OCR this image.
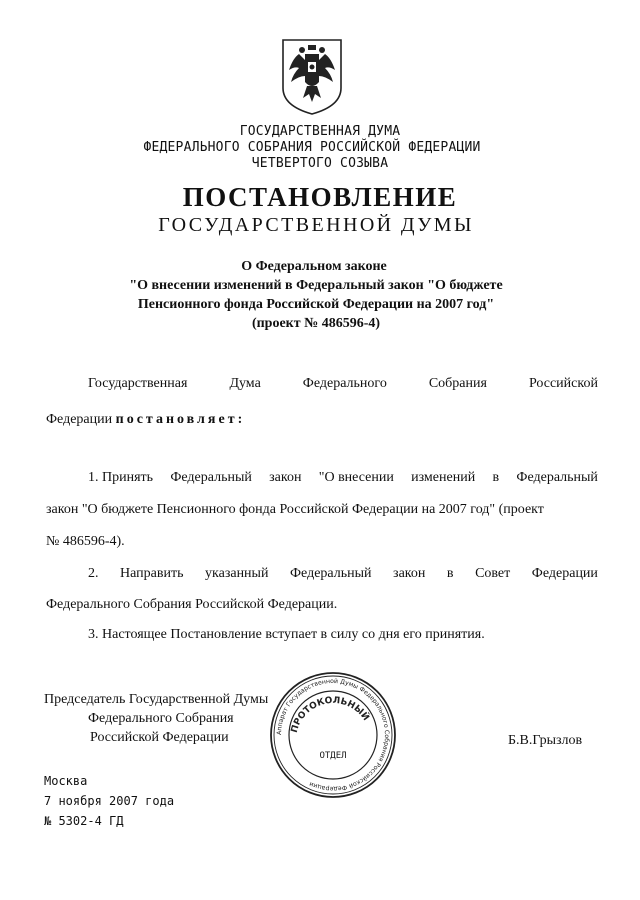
ГОСУДАРСТВЕННАЯ ДУМА
ФЕДЕРАЛЬНОГО СОБРАНИЯ РОССИЙСКОЙ ФЕДЕРАЦИИ
ЧЕТВЕРТОГО СОЗЫВА
ПОСТАНОВЛЕНИЕ
ГОСУДАРСТВЕННОЙ ДУМЫ
О Федеральном законе
"О внесении изменений в Федеральный закон "О бюджете
Пенсионного фонда Российской Федерации на 2007 год"
(проект № 486596-4)
Государственная	Дума	Федерального	Собрания	Российской
Федерации постановляет:
1. Принять Федеральный закон "О внесении изменений в Федеральный
закон "О бюджете Пенсионного фонда Российской Федерации на 2007 год" (проект
№ 486596-4).
2. Направить указанный Федеральный закон в Совет Федерации
Федерального Собрания Российской Федерации.
3. Настоящее Постановление вступает в силу со дня его принятия.
Председатель Государственной Думы
Федерального Собрания
Российской Федерации	Б.В.Грызлов
Аппарат Государственной Думы Федерального Собрания Российской Федерации
ПРОТОКОЛЬНЫЙ
ОТДЕЛ
Москва
7 ноября 2007 года
№ 5302-4 ГД
